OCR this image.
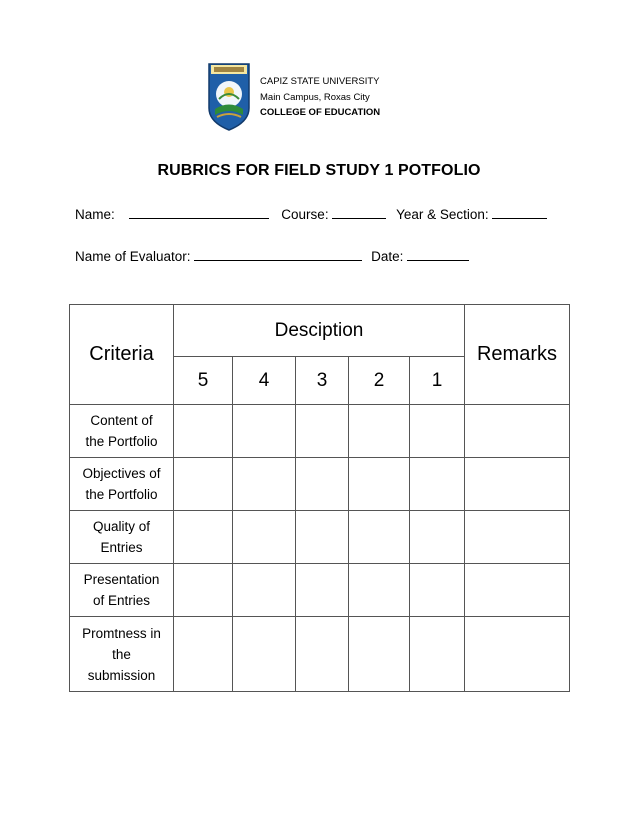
CAPIZ STATE UNIVERSITY
Main Campus, Roxas City
COLLEGE OF EDUCATION
RUBRICS FOR FIELD STUDY 1 POTFOLIO
Name:	Course:	Year & Section:
Name of Evaluator:	Date:
Criteria	Desciption					Remarks
	5	4	3	2	1	

Content of
the Portfolio						

Objectives of
the Portfolio						

Quality of
Entries						

Presentation
of Entries						

Promtness in
the
submission						
